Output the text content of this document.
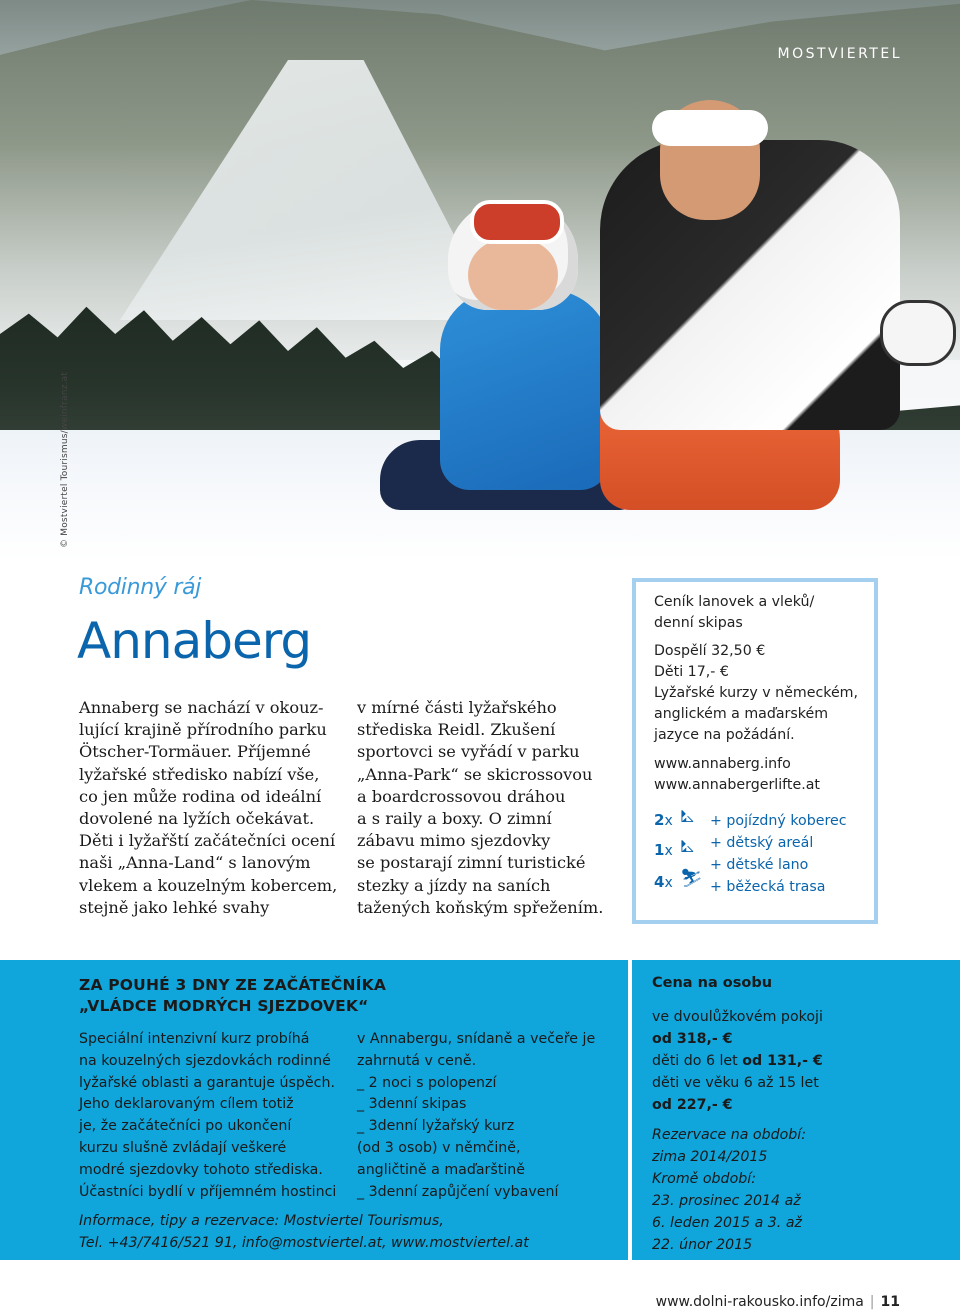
MOSTVIERTEL
© Mostviertel Tourismus/weinfranz.at
Rodinný ráj
Annaberg
Annaberg se nachází v okouz-
lující krajině přírodního parku
Ötscher-Tormäuer. Příjemné
lyžařské středisko nabízí vše,
co jen může rodina od ideální
dovolené na lyžích očekávat.
Děti i lyžařští začátečníci ocení
naši „Anna-Land“ s lanovým
vlekem a kouzelným kobercem,
stejně jako lehké svahy
v mírné části lyžařského
střediska Reidl. Zkušení
sportovci se vyřádí v parku
„Anna-Park“ se skicrossovou
a boardcrossovou dráhou
a s raily a boxy. O zimní
zábavu mimo sjezdovky
se postarají zimní turistické
stezky a jízdy na saních
tažených koňským spřežením.
Ceník lanovek a vleků/
denní skipas
Dospělí 32,50 €
Děti 17,- €
Lyžařské kurzy v německém,
anglickém a maďarském
jazyce na požádání.
www.annaberg.info
www.annabergerlifte.at
2x ⛡
1x ⛡
4x ⛷
+ pojízdný koberec
+ dětský areál
+ dětské lano
+ běžecká trasa
ZA POUHÉ 3 DNY ZE ZAČÁTEČNÍKA
„VLÁDCE MODRÝCH SJEZDOVEK“
Speciální intenzivní kurz probíhá
na kouzelných sjezdovkách rodinné
lyžařské oblasti a garantuje úspěch.
Jeho deklarovaným cílem totiž
je, že začátečníci po ukončení
kurzu slušně zvládají veškeré
modré sjezdovky tohoto střediska.
Účastníci bydlí v příjemném hostinci
v Annabergu, snídaně a večeře je
zahrnutá v ceně.
_ 2 noci s polopenzí
_ 3denní skipas
_ 3denní lyžařský kurz
(od 3 osob) v němčině,
angličtině a maďarštině
_ 3denní zapůjčení vybavení
Informace, tipy a rezervace: Mostviertel Tourismus,
Tel. +43/7416/521 91, info@mostviertel.at, www.mostviertel.at
Cena na osobu
ve dvoulůžkovém pokoji
od 318,- €
děti do 6 let od 131,- €
děti ve věku 6 až 15 let
od 227,- €
Rezervace na období:
zima 2014/2015
Kromě období:
23. prosinec 2014 až
6. leden 2015 a 3. až
22. únor 2015
www.dolni-rakousko.info/zima | 11
